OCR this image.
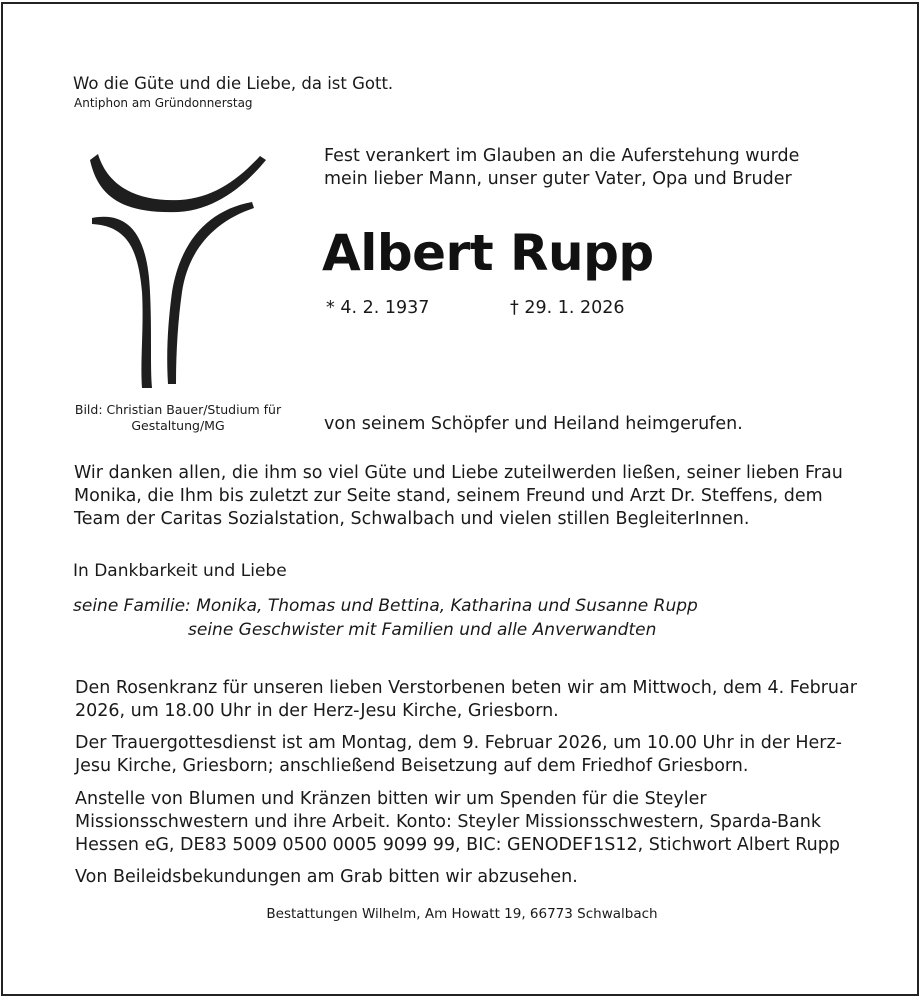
Wo die Güte und die Liebe, da ist Gott.
Antiphon am Gründonnerstag
Bild: Christian Bauer/Studium für Gestaltung/MG
Fest verankert im Glauben an die Auferstehung wurde
mein lieber Mann, unser guter Vater, Opa und Bruder
Albert Rupp
* 4. 2. 1937	† 29. 1. 2026
von seinem Schöpfer und Heiland heimgerufen.
Wir danken allen, die ihm so viel Güte und Liebe zuteilwerden ließen, seiner lieben Frau Monika, die Ihm bis zuletzt zur Seite stand, seinem Freund und Arzt Dr. Steffens, dem Team der Caritas Sozialstation, Schwalbach und vielen stillen BegleiterInnen.
In Dankbarkeit und Liebe
seine Familie: Monika, Thomas und Bettina, Katharina und Susanne Rupp
seine Geschwister mit Familien und alle Anverwandten
Den Rosenkranz für unseren lieben Verstorbenen beten wir am Mittwoch, dem 4. Februar 2026, um 18.00 Uhr in der Herz-Jesu Kirche, Griesborn.
Der Trauergottesdienst ist am Montag, dem 9. Februar 2026, um 10.00 Uhr in der Herz-Jesu Kirche, Griesborn; anschließend Beisetzung auf dem Friedhof Griesborn.
Anstelle von Blumen und Kränzen bitten wir um Spenden für die Steyler Missionsschwestern und ihre Arbeit. Konto: Steyler Missionsschwestern, Sparda-Bank Hessen eG, DE83 5009 0500 0005 9099 99, BIC: GENODEF1S12, Stichwort Albert Rupp
Von Beileidsbekundungen am Grab bitten wir abzusehen.
Bestattungen Wilhelm, Am Howatt 19, 66773 Schwalbach
